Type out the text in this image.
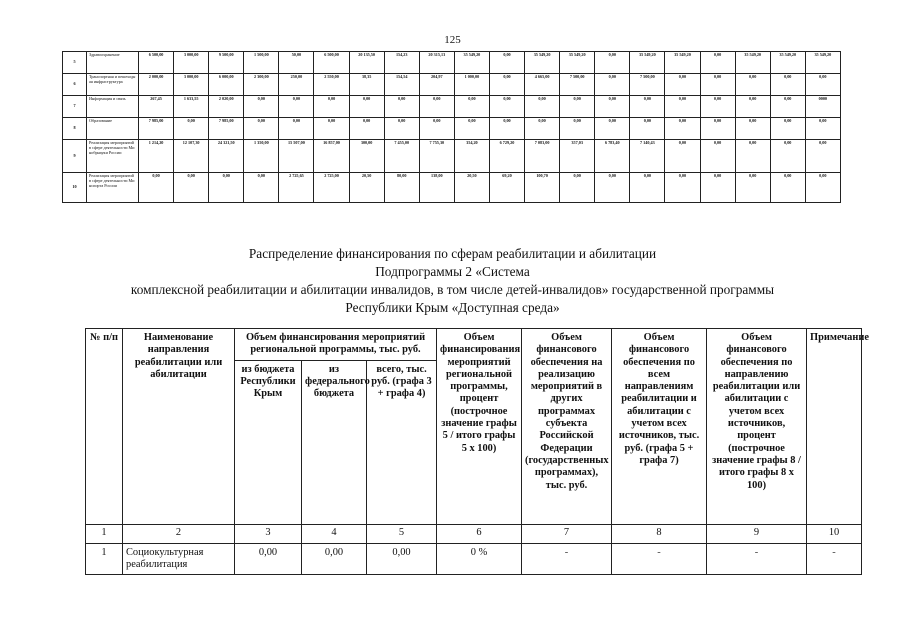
125
5	Здравоохранение	6 500,00	3 000,00	9 500,00	1 500,00	50,00	6 500,00	20 135,50	154,23	20 315,13	35 549,20	0,00	35 549,20	35 549,20	0,00	35 549,20	35 549,20	0,00	35 549,20	35 549,20	35 549,20
6	Транспортная и пешеходная инфраструктура	2 000,00	3 000,00	6 000,00	2 300,00	250,00	2 550,00	38,35	154,54	204,97	1 000,00	0,00	4 665,00	7 500,00	0,00	7 500,00	0,00	0,00	0,00	0,00	0,00
7	Информация и связь	267,45	1 633,55	2 020,00	0,00	0,00	0,00	0,00	0,00	0,00	0,00	0,00	0,00	0,00	0,00	0,00	0,00	0,00	0,00	0,00	0000
8	Образование	7 985,00	0,00	7 985,00	0,00	0,00	0,00	0,00	0,00	0,00	0,00	0,00	0,00	0,00	0,00	0,00	0,00	0,00	0,00	0,00	0,00
9	Реализация мероприятий в сфере деятельности Минобрнауки России	1 214,20	12 107,30	24 321,50	1 350,00	15 507,00	16 857,00	300,00	7 455,00	7 755,30	354,20	6 729,20	7 083,00	357,03	6 783,40	7 140,43	0,00	0,00	0,00	0,00	0,00
10	Реализация мероприятий в сфере деятельности Минспорта России	0,00	0,00	0,00	0,00	2 725,65	2 725,00	20,50	80,00	138,00	20,50	69,20	100,70	0,00	0,00	0,00	0,00	0,00	0,00	0,00	0,00
Распределение финансирования по сферам реабилитации и абилитации
Подпрограммы 2 «Система
комплексной реабилитации и абилитации инвалидов, в том числе детей-инвалидов» государственной программы
Республики Крым «Доступная среда»
№ п/п	Наименование направления реабилитации или абилитации	Объем финансирования мероприятий региональной программы, тыс. руб.			Объем финансирования мероприятий региональной программы, процент (построчное значение графы 5 / итого графы 5 x 100)	Объем финансового обеспечения на реализацию мероприятий в других программах субъекта Российской Федерации (государственных программах), тыс. руб.	Объем финансового обеспечения по всем направлениям реабилитации и абилитации с учетом всех источников, тыс. руб. (графа 5 + графа 7)	Объем финансового обеспечения по направлению реабилитации или абилитации с учетом всех источников, процент (построчное значение графы 8 / итого графы 8 x 100)	Примечание
		из бюджета Республики Крым	из федерального бюджета	всего, тыс. руб. (графа 3 + графа 4)					
1	2	3	4	5	6	7	8	9	10
1	Социокультурная реабилитация	0,00	0,00	0,00	0 %	-	-	-	-
